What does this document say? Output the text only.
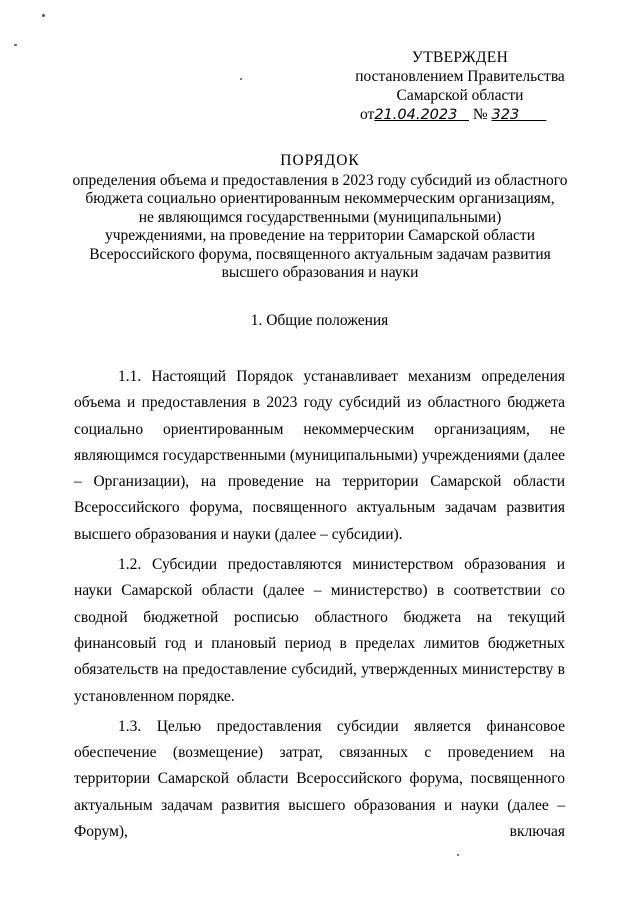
УТВЕРЖДЕН
постановлением Правительства
Самарской области
от21.04.2023 № 323
ПОРЯДОК
определения объема и предоставления в 2023 году субсидий из областного
бюджета социально ориентированным некоммерческим организациям,
не являющимся государственными (муниципальными)
учреждениями, на проведение на территории Самарской области
Всероссийского форума, посвященного актуальным задачам развития
высшего образования и науки
1. Общие положения

1.1. Настоящий Порядок устанавливает механизм определения объема и предоставления в 2023 году субсидий из областного бюджета социально ориентированным некоммерческим организациям, не являющимся государственными (муниципальными) учреждениями (далее – Организации), на проведение на территории Самарской области Всероссийского форума, посвященного актуальным задачам развития высшего образования и науки (далее – субсидии).

1.2. Субсидии предоставляются министерством образования и науки Самарской области (далее – министерство) в соответствии со сводной бюджетной росписью областного бюджета на текущий финансовый год и плановый период в пределах лимитов бюджетных обязательств на предоставление субсидий, утвержденных министерству в установленном порядке.

1.3. Целью предоставления субсидии является финансовое обеспечение (возмещение) затрат, связанных с проведением на территории Самарской области Всероссийского форума, посвященного актуальным задачам развития высшего образования и науки (далее – Форум), включая
